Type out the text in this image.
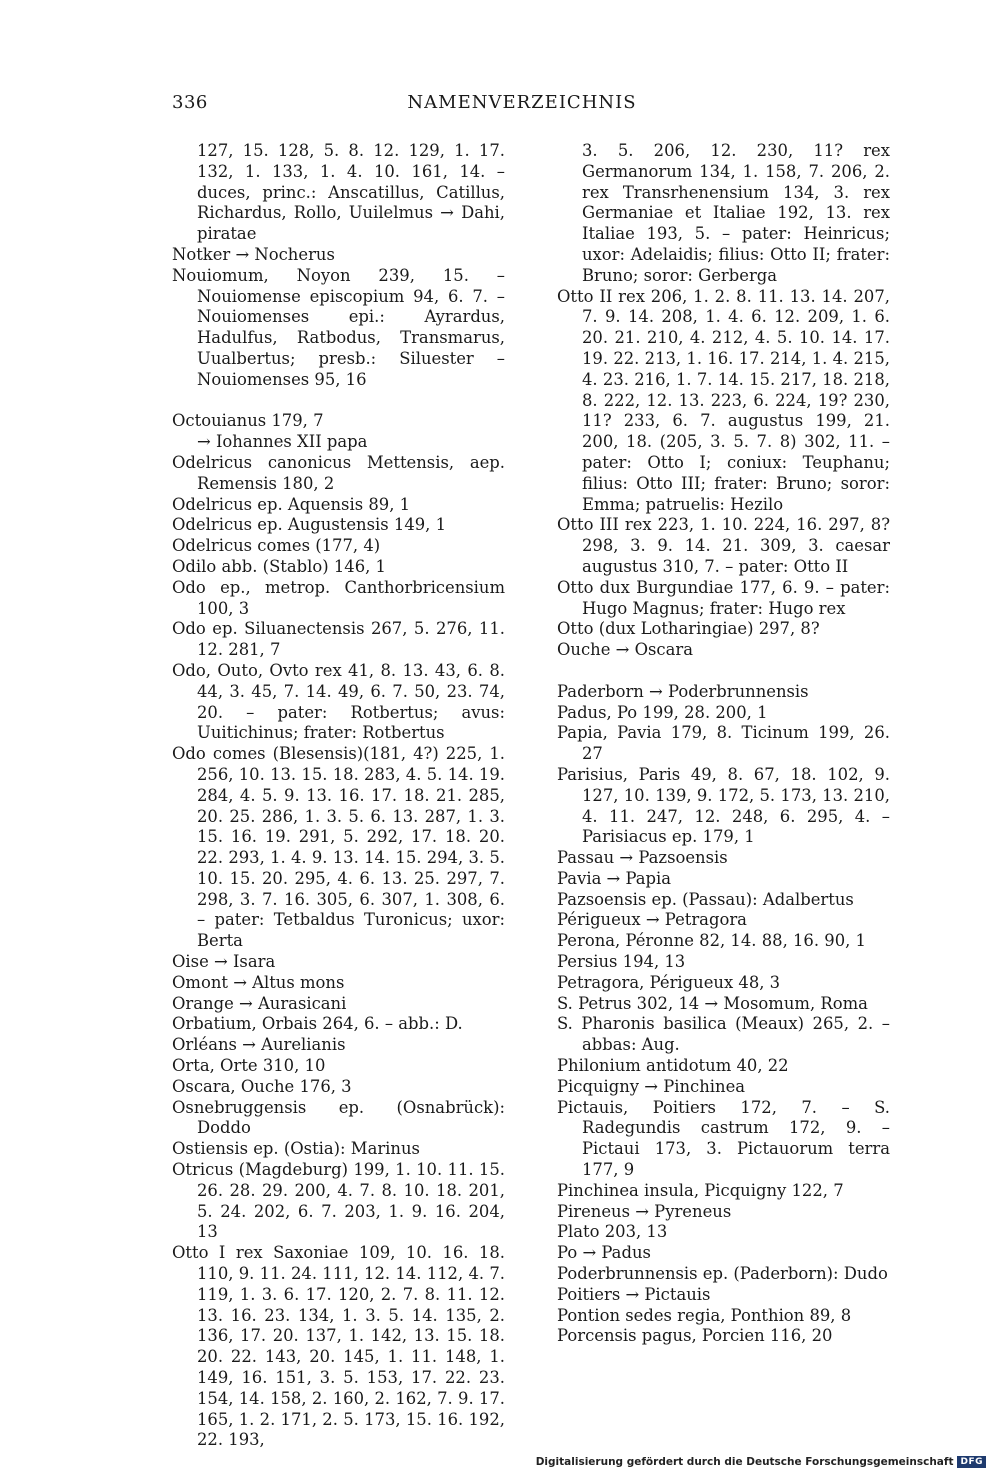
336	NAMENVERZEICHNIS

127, 15. 128, 5. 8. 12. 129, 1. 17. 132, 1. 133, 1. 4. 10. 161, 14. – duces, princ.: Anscatillus, Catillus, Richardus, Rollo, Uuilelmus → Dahi, piratae

Notker → Nocherus

Nouiomum, Noyon 239, 15. – Nouiomense episcopium 94, 6. 7. – Nouiomenses epi.: Ayrardus, Hadulfus, Ratbodus, Transmarus, Uualbertus; presb.: Siluester – Nouiomenses 95, 16

Octouianus 179, 7

→ Iohannes XII papa

Odelricus canonicus Mettensis, aep. Remensis 180, 2

Odelricus ep. Aquensis 89, 1

Odelricus ep. Augustensis 149, 1

Odelricus comes (177, 4)

Odilo abb. (Stablo) 146, 1

Odo ep., metrop. Canthorbricensium 100, 3

Odo ep. Siluanectensis 267, 5. 276, 11. 12. 281, 7

Odo, Outo, Ovto rex 41, 8. 13. 43, 6. 8. 44, 3. 45, 7. 14. 49, 6. 7. 50, 23. 74, 20. – pater: Rotbertus; avus: Uuitichinus; frater: Rotbertus

Odo comes (Blesensis)(181, 4?) 225, 1. 256, 10. 13. 15. 18. 283, 4. 5. 14. 19. 284, 4. 5. 9. 13. 16. 17. 18. 21. 285, 20. 25. 286, 1. 3. 5. 6. 13. 287, 1. 3. 15. 16. 19. 291, 5. 292, 17. 18. 20. 22. 293, 1. 4. 9. 13. 14. 15. 294, 3. 5. 10. 15. 20. 295, 4. 6. 13. 25. 297, 7. 298, 3. 7. 16. 305, 6. 307, 1. 308, 6. – pater: Tetbaldus Turonicus; uxor: Berta

Oise → Isara

Omont → Altus mons

Orange → Aurasicani

Orbatium, Orbais 264, 6. – abb.: D.

Orléans → Aurelianis

Orta, Orte 310, 10

Oscara, Ouche 176, 3

Osnebruggensis ep. (Osnabrück): Doddo

Ostiensis ep. (Ostia): Marinus

Otricus (Magdeburg) 199, 1. 10. 11. 15. 26. 28. 29. 200, 4. 7. 8. 10. 18. 201, 5. 24. 202, 6. 7. 203, 1. 9. 16. 204, 13

Otto I rex Saxoniae 109, 10. 16. 18. 110, 9. 11. 24. 111, 12. 14. 112, 4. 7. 119, 1. 3. 6. 17. 120, 2. 7. 8. 11. 12. 13. 16. 23. 134, 1. 3. 5. 14. 135, 2. 136, 17. 20. 137, 1. 142, 13. 15. 18. 20. 22. 143, 20. 145, 1. 11. 148, 1. 149, 16. 151, 3. 5. 153, 17. 22. 23. 154, 14. 158, 2. 160, 2. 162, 7. 9. 17. 165, 1. 2. 171, 2. 5. 173, 15. 16. 192, 22. 193,

3. 5. 206, 12. 230, 11? rex Germanorum 134, 1. 158, 7. 206, 2. rex Transrhenensium 134, 3. rex Germaniae et Italiae 192, 13. rex Italiae 193, 5. – pater: Heinricus; uxor: Adelaidis; filius: Otto II; frater: Bruno; soror: Gerberga

Otto II rex 206, 1. 2. 8. 11. 13. 14. 207, 7. 9. 14. 208, 1. 4. 6. 12. 209, 1. 6. 20. 21. 210, 4. 212, 4. 5. 10. 14. 17. 19. 22. 213, 1. 16. 17. 214, 1. 4. 215, 4. 23. 216, 1. 7. 14. 15. 217, 18. 218, 8. 222, 12. 13. 223, 6. 224, 19? 230, 11? 233, 6. 7. augustus 199, 21. 200, 18. (205, 3. 5. 7. 8) 302, 11. – pater: Otto I; coniux: Teuphanu; filius: Otto III; frater: Bruno; soror: Emma; patruelis: Hezilo

Otto III rex 223, 1. 10. 224, 16. 297, 8? 298, 3. 9. 14. 21. 309, 3. caesar augustus 310, 7. – pater: Otto II

Otto dux Burgundiae 177, 6. 9. – pater: Hugo Magnus; frater: Hugo rex

Otto (dux Lotharingiae) 297, 8?

Ouche → Oscara

Paderborn → Poderbrunnensis

Padus, Po 199, 28. 200, 1

Papia, Pavia 179, 8. Ticinum 199, 26. 27

Parisius, Paris 49, 8. 67, 18. 102, 9. 127, 10. 139, 9. 172, 5. 173, 13. 210, 4. 11. 247, 12. 248, 6. 295, 4. – Parisiacus ep. 179, 1

Passau → Pazsoensis

Pavia → Papia

Pazsoensis ep. (Passau): Adalbertus

Périgueux → Petragora

Perona, Péronne 82, 14. 88, 16. 90, 1

Persius 194, 13

Petragora, Périgueux 48, 3

S. Petrus 302, 14 → Mosomum, Roma

S. Pharonis basilica (Meaux) 265, 2. – abbas: Aug.

Philonium antidotum 40, 22

Picquigny → Pinchinea

Pictauis, Poitiers 172, 7. – S. Radegundis castrum 172, 9. – Pictaui 173, 3. Pictauorum terra 177, 9

Pinchinea insula, Picquigny 122, 7

Pireneus → Pyreneus

Plato 203, 13

Po → Padus

Poderbrunnensis ep. (Paderborn): Dudo

Poitiers → Pictauis

Pontion sedes regia, Ponthion 89, 8

Porcensis pagus, Porcien 116, 20

Digitalisierung gefördert durch die Deutsche Forschungsgemeinschaft DFG
